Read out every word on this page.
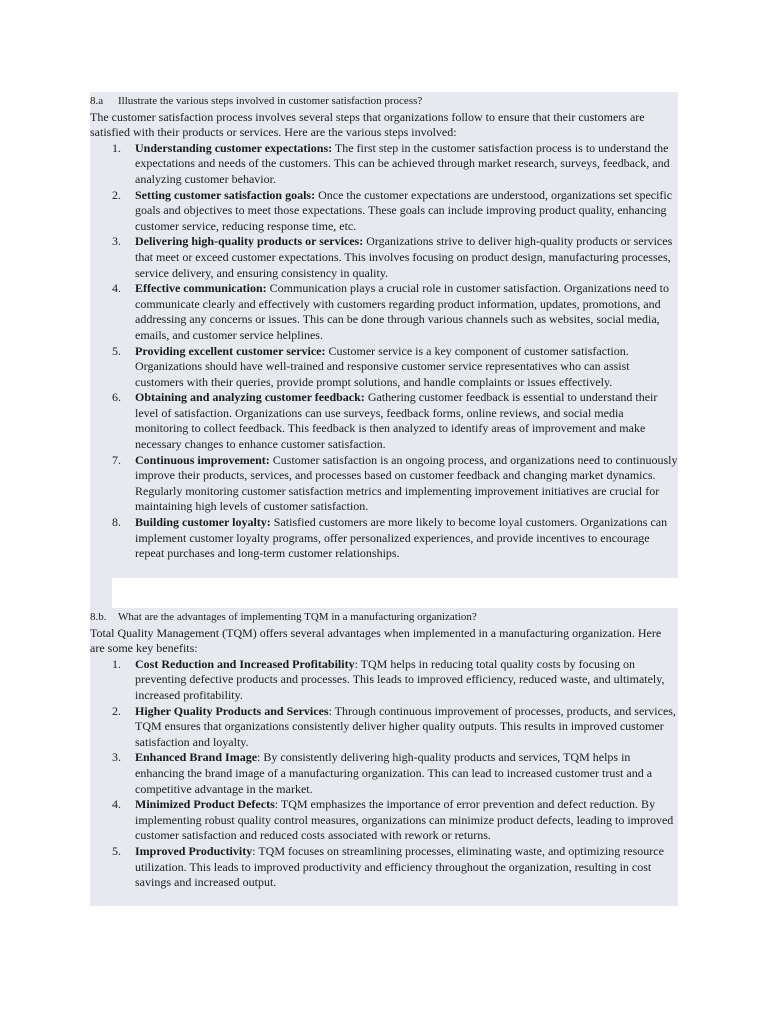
8.a Illustrate the various steps involved in customer satisfaction process?

The customer satisfaction process involves several steps that organizations follow to ensure that their customers are satisfied with their products or services. Here are the various steps involved:

1. Understanding customer expectations: The first step in the customer satisfaction process is to understand the expectations and needs of the customers. This can be achieved through market research, surveys, feedback, and analyzing customer behavior.
2. Setting customer satisfaction goals: Once the customer expectations are understood, organizations set specific goals and objectives to meet those expectations. These goals can include improving product quality, enhancing customer service, reducing response time, etc.
3. Delivering high-quality products or services: Organizations strive to deliver high-quality products or services that meet or exceed customer expectations. This involves focusing on product design, manufacturing processes, service delivery, and ensuring consistency in quality.
4. Effective communication: Communication plays a crucial role in customer satisfaction. Organizations need to communicate clearly and effectively with customers regarding product information, updates, promotions, and addressing any concerns or issues. This can be done through various channels such as websites, social media, emails, and customer service helplines.
5. Providing excellent customer service: Customer service is a key component of customer satisfaction. Organizations should have well-trained and responsive customer service representatives who can assist customers with their queries, provide prompt solutions, and handle complaints or issues effectively.
6. Obtaining and analyzing customer feedback: Gathering customer feedback is essential to understand their level of satisfaction. Organizations can use surveys, feedback forms, online reviews, and social media monitoring to collect feedback. This feedback is then analyzed to identify areas of improvement and make necessary changes to enhance customer satisfaction.
7. Continuous improvement: Customer satisfaction is an ongoing process, and organizations need to continuously improve their products, services, and processes based on customer feedback and changing market dynamics. Regularly monitoring customer satisfaction metrics and implementing improvement initiatives are crucial for maintaining high levels of customer satisfaction.
8. Building customer loyalty: Satisfied customers are more likely to become loyal customers. Organizations can implement customer loyalty programs, offer personalized experiences, and provide incentives to encourage repeat purchases and long-term customer relationships.

8.b. What are the advantages of implementing TQM in a manufacturing organization?

Total Quality Management (TQM) offers several advantages when implemented in a manufacturing organization. Here are some key benefits:

1. Cost Reduction and Increased Profitability: TQM helps in reducing total quality costs by focusing on preventing defective products and processes. This leads to improved efficiency, reduced waste, and ultimately, increased profitability.
2. Higher Quality Products and Services: Through continuous improvement of processes, products, and services, TQM ensures that organizations consistently deliver higher quality outputs. This results in improved customer satisfaction and loyalty.
3. Enhanced Brand Image: By consistently delivering high-quality products and services, TQM helps in enhancing the brand image of a manufacturing organization. This can lead to increased customer trust and a competitive advantage in the market.
4. Minimized Product Defects: TQM emphasizes the importance of error prevention and defect reduction. By implementing robust quality control measures, organizations can minimize product defects, leading to improved customer satisfaction and reduced costs associated with rework or returns.
5. Improved Productivity: TQM focuses on streamlining processes, eliminating waste, and optimizing resource utilization. This leads to improved productivity and efficiency throughout the organization, resulting in cost savings and increased output.
